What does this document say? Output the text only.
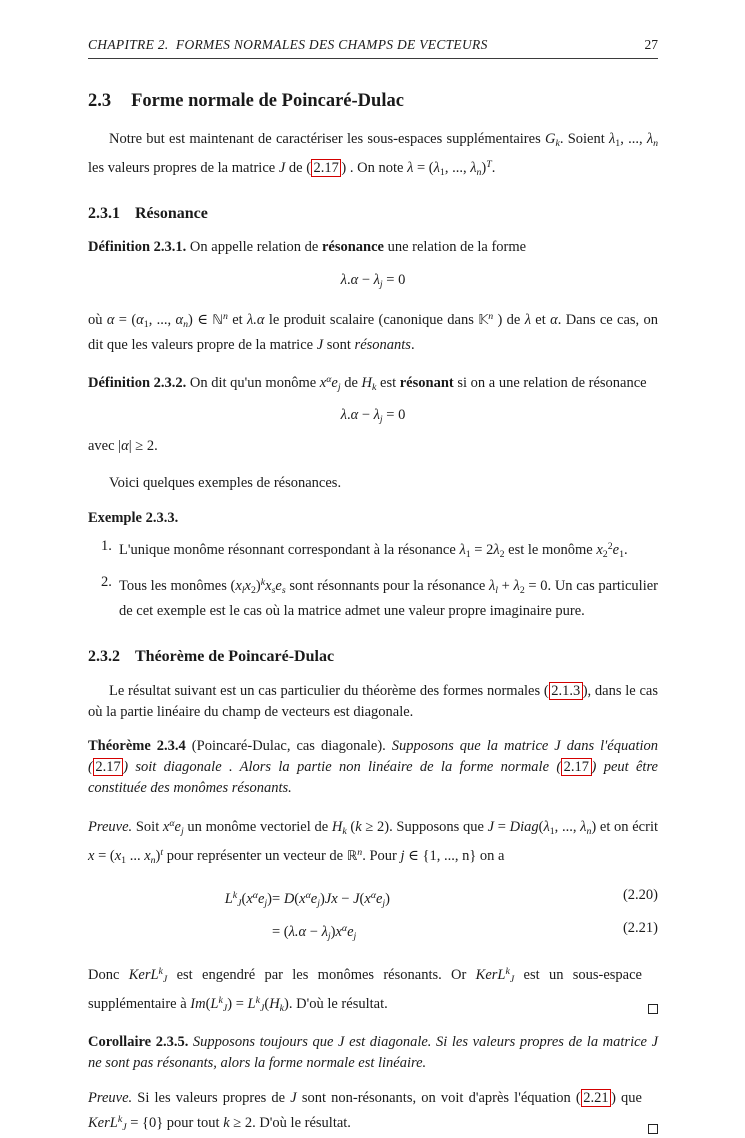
CHAPITRE 2.  FORMES NORMALES DES CHAMPS DE VECTEURS	27
2.3 Forme normale de Poincaré-Dulac

Notre but est maintenant de caractériser les sous-espaces supplémentaires $G_k$. Soient $\lambda_1$, ..., $\lambda_n$ les valeurs propres de la matrice J de ( 2.17 ) . On note $\lambda = (\lambda_1$, ..., $\lambda_n)^T$.

2.3.1 Résonance

Définition 2.3.1. On appelle relation de résonance une relation de la forme

$\lambda.\alpha - \lambda_j = 0$

où $\alpha = (\alpha_1$, ..., $\alpha_n$) ∈ ℕ$^n$ et λ.α le produit scalaire (canonique dans 𝕂$^n$ ) de λ et α. Dans ce cas, on dit que les valeurs propre de la matrice J sont résonants.

Définition 2.3.2. On dit qu'un monôme $x^\alpha e_j$ de $H_k$ est résonant si on a une relation de résonance

$\lambda.\alpha - \lambda_j = 0$

avec |α| ≥ 2.

Voici quelques exemples de résonances.

Exemple 2.3.3.

1. L'unique monôme résonnant correspondant à la résonance $\lambda_1 = 2\lambda_2$ est le monôme $x_2^2e_1$.
2. Tous les monômes $(x_lx_2)^kx_se_s$ sont résonnants pour la résonance $\lambda_l + \lambda_2 = 0$. Un cas particulier de cet exemple est le cas où la matrice admet une valeur propre imaginaire pure.
2.3.2 Théorème de Poincaré-Dulac

Le résultat suivant est un cas particulier du théorème des formes normales ( 2.1.3 ), dans le cas où la partie linéaire du champ de vecteurs est diagonale.

Théorème 2.3.4 (Poincaré-Dulac, cas diagonale). Supposons que la matrice J dans l'équation ( 2.17 ) soit diagonale . Alors la partie non linéaire de la forme normale ( 2.17 ) peut être constituée des monômes résonants.

Preuve. Soit $x^\alpha e_j$ un monôme vectoriel de $H_k$ (k ≥ 2). Supposons que $J = Diag(\lambda_1$, ..., $\lambda_n$) et on écrit $x = (x_1$ ... $x_n)^t$ pour représenter un vecteur de ℝ$^n$. Pour j ∈ {1, ..., n} on a

$L^k_J(x^\alpha e_j) = D(x^\alpha e_j)Jx - J(x^\alpha e_j)$	(2.20)
= $(\lambda.\alpha - \lambda_j)x^\alpha e_j$
(2.21)

Donc KerL$^k_J$ est engendré par les monômes résonants. Or KerL$^k_J$ est un sous-espace supplémentaire à $Im(L^k_J) = L^k_J(H_k)$. D'où le résultat.

Corollaire 2.3.5. Supposons toujours que J est diagonale. Si les valeurs propres de la matrice J ne sont pas résonants, alors la forme normale est linéaire.

Preuve. Si les valeurs propres de J sont non-résonants, on voit d'après l'équation ( 2.21 ) que KerL$^k_J$ = {0} pour tout k ≥ 2. D'où le résultat.
